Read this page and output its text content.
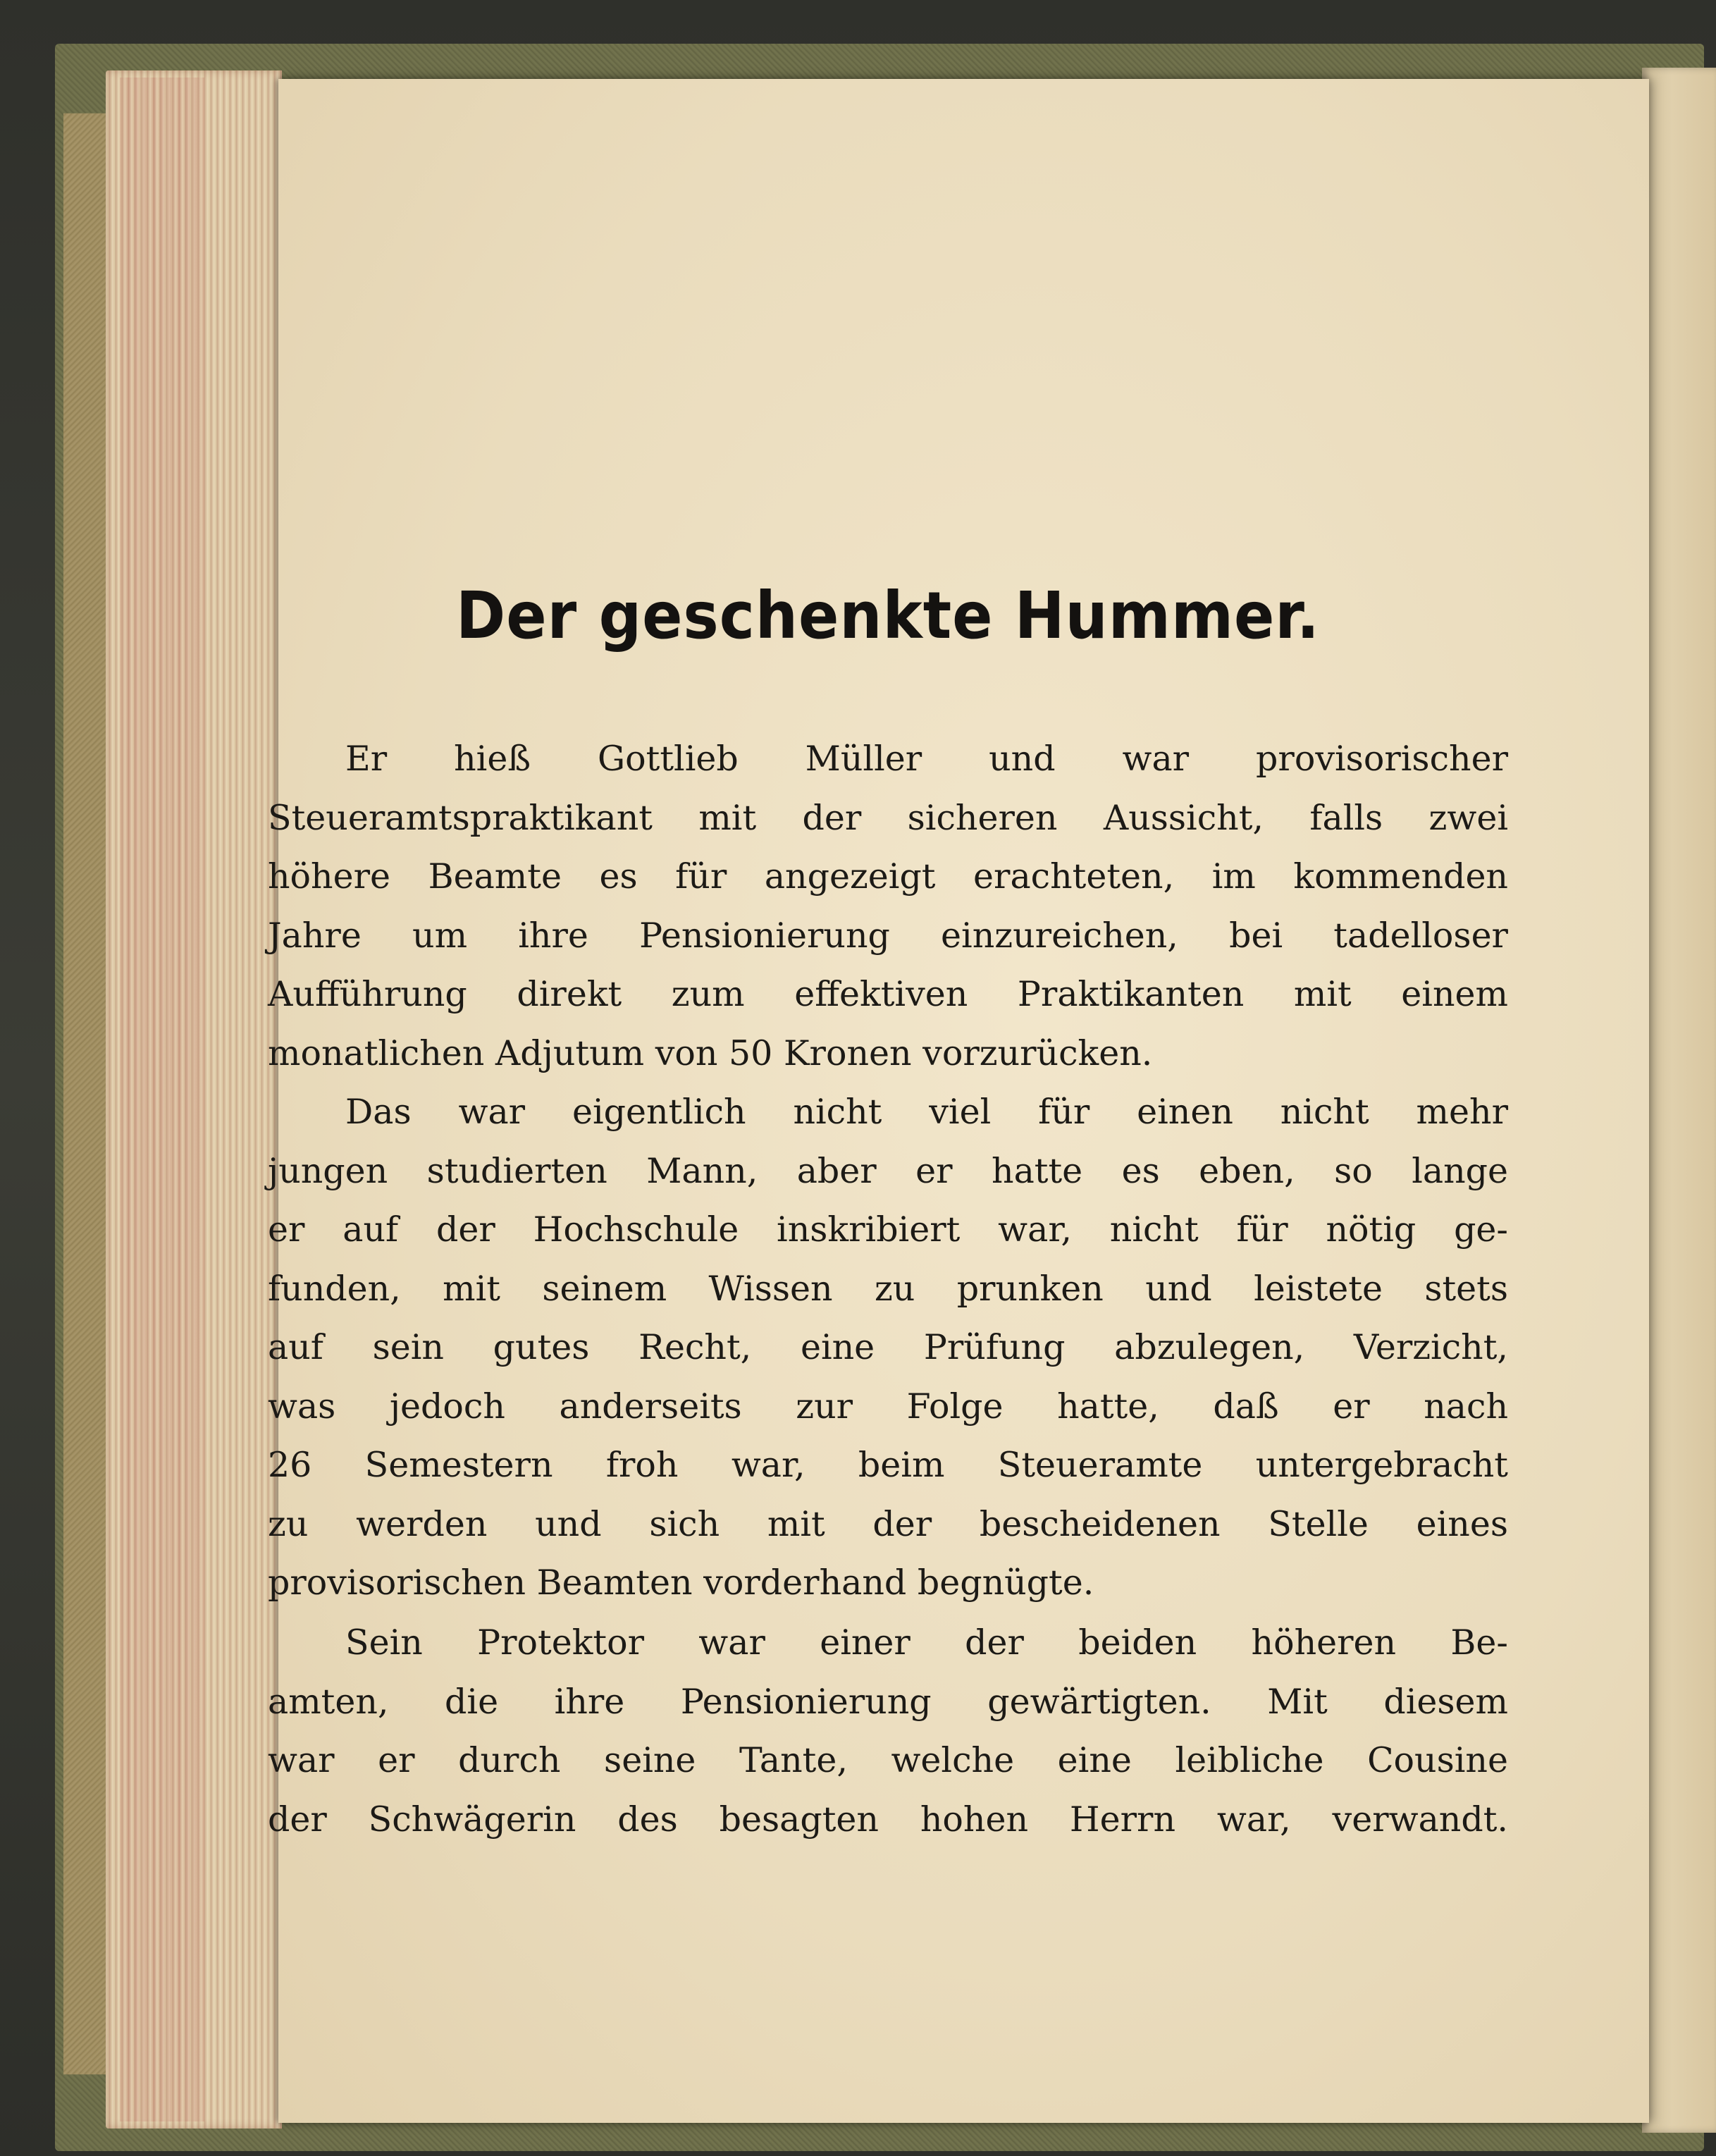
Der geschenkte Hummer.
Er hieß Gottlieb Müller und war provisorischer
Steueramtspraktikant mit der sicheren Aussicht, falls zwei
höhere Beamte es für angezeigt erachteten, im kommenden
Jahre um ihre Pensionierung einzureichen, bei tadelloser
Aufführung direkt zum effektiven Praktikanten mit einem
monatlichen Adjutum von 50 Kronen vorzurücken.
Das war eigentlich nicht viel für einen nicht mehr
jungen studierten Mann, aber er hatte es eben, so lange
er auf der Hochschule inskribiert war, nicht für nötig ge-
funden, mit seinem Wissen zu prunken und leistete stets
auf sein gutes Recht, eine Prüfung abzulegen, Verzicht,
was jedoch anderseits zur Folge hatte, daß er nach
26 Semestern froh war, beim Steueramte untergebracht
zu werden und sich mit der bescheidenen Stelle eines
provisorischen Beamten vorderhand begnügte.
Sein Protektor war einer der beiden höheren Be-
amten, die ihre Pensionierung gewärtigten. Mit diesem
war er durch seine Tante, welche eine leibliche Cousine
der Schwägerin des besagten hohen Herrn war, verwandt.
